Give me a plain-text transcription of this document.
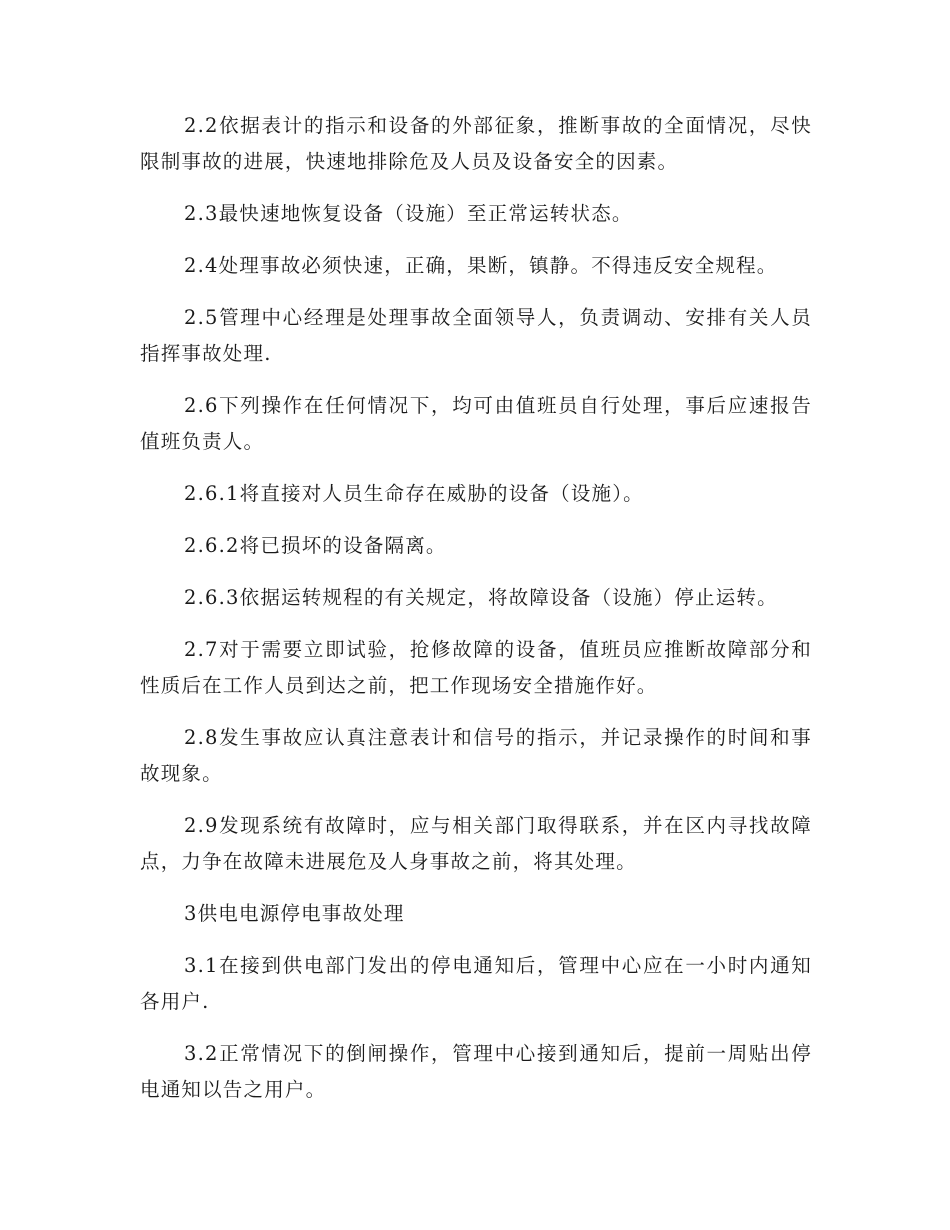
2.2依据表计的指示和设备的外部征象，推断事故的全面情况，尽快限制事故的进展，快速地排除危及人员及设备安全的因素。

2.3最快速地恢复设备（设施）至正常运转状态。

2.4处理事故必须快速，正确，果断，镇静。不得违反安全规程。

2.5管理中心经理是处理事故全面领导人，负责调动、安排有关人员指挥事故处理.

2.6下列操作在任何情况下，均可由值班员自行处理，事后应速报告值班负责人。

2.6.1将直接对人员生命存在威胁的设备（设施）。

2.6.2将已损坏的设备隔离。

2.6.3依据运转规程的有关规定，将故障设备（设施）停止运转。

2.7对于需要立即试验，抢修故障的设备，值班员应推断故障部分和性质后在工作人员到达之前，把工作现场安全措施作好。

2.8发生事故应认真注意表计和信号的指示，并记录操作的时间和事故现象。

2.9发现系统有故障时，应与相关部门取得联系，并在区内寻找故障点，力争在故障未进展危及人身事故之前，将其处理。

3供电电源停电事故处理

3.1在接到供电部门发出的停电通知后，管理中心应在一小时内通知各用户.

3.2正常情况下的倒闸操作，管理中心接到通知后，提前一周贴出停电通知以告之用户。
